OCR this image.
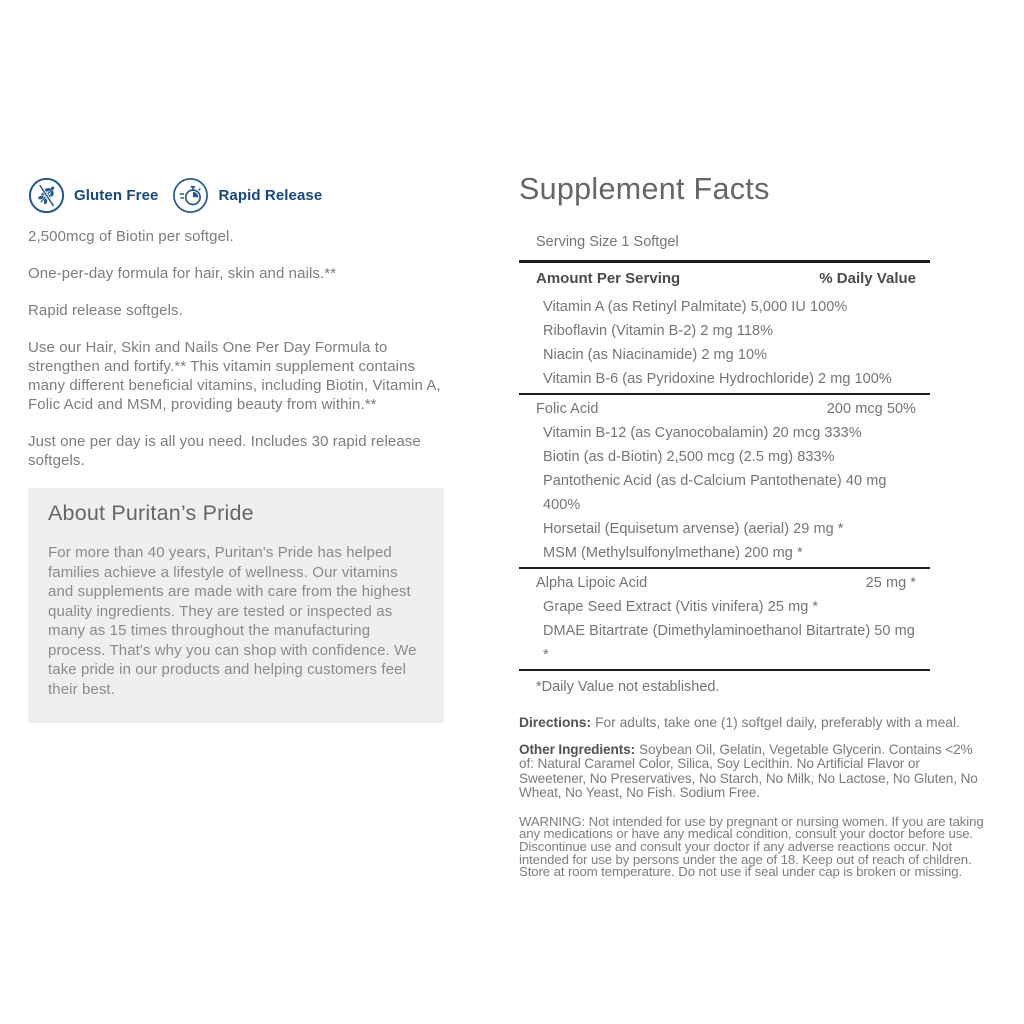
Gluten Free	Rapid Release

2,500mcg of Biotin per softgel.

One-per-day formula for hair, skin and nails.**

Rapid release softgels.

Use our Hair, Skin and Nails One Per Day Formula to strengthen and fortify.** This vitamin supplement contains many different beneficial vitamins, including Biotin, Vitamin A, Folic Acid and MSM, providing beauty from within.**

Just one per day is all you need. Includes 30 rapid release softgels.

About Puritan’s Pride

For more than 40 years, Puritan's Pride has helped families achieve a lifestyle of wellness. Our vitamins and supplements are made with care from the highest quality ingredients. They are tested or inspected as many as 15 times throughout the manufacturing process. That's why you can shop with confidence. We take pride in our products and helping customers feel their best.

Supplement Facts
Serving Size 1 Softgel
Amount Per Serving	% Daily Value
Vitamin A (as Retinyl Palmitate) 5,000 IU 100%
Riboflavin (Vitamin B-2) 2 mg 118%
Niacin (as Niacinamide) 2 mg 10%
Vitamin B-6 (as Pyridoxine Hydrochloride) 2 mg 100%
Folic Acid	200 mcg 50%
Vitamin B-12 (as Cyanocobalamin) 20 mcg 333%
Biotin (as d-Biotin) 2,500 mcg (2.5 mg) 833%
Pantothenic Acid (as d-Calcium Pantothenate) 40 mg 400%
Horsetail (Equisetum arvense) (aerial) 29 mg *
MSM (Methylsulfonylmethane) 200 mg *
Alpha Lipoic Acid	25 mg *
Grape Seed Extract (Vitis vinifera) 25 mg *
DMAE Bitartrate (Dimethylaminoethanol Bitartrate) 50 mg *
*Daily Value not established.

Directions: For adults, take one (1) softgel daily, preferably with a meal.

Other Ingredients: Soybean Oil, Gelatin, Vegetable Glycerin. Contains <2% of: Natural Caramel Color, Silica, Soy Lecithin. No Artificial Flavor or Sweetener, No Preservatives, No Starch, No Milk, No Lactose, No Gluten, No Wheat, No Yeast, No Fish. Sodium Free.

WARNING: Not intended for use by pregnant or nursing women. If you are taking any medications or have any medical condition, consult your doctor before use. Discontinue use and consult your doctor if any adverse reactions occur. Not intended for use by persons under the age of 18. Keep out of reach of children. Store at room temperature. Do not use if seal under cap is broken or missing.
